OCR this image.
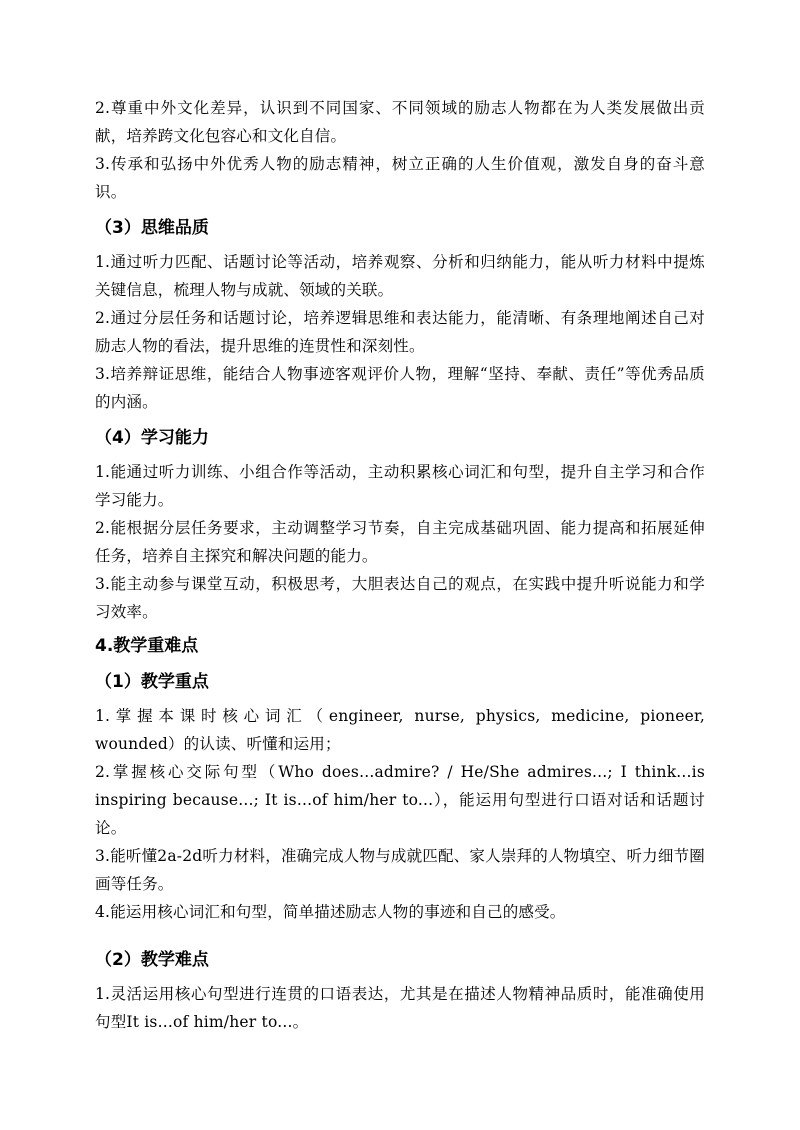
2.尊重中外文化差异，认识到不同国家、不同领域的励志人物都在为人类发展做出贡献，培养跨文化包容心和文化自信。

3.传承和弘扬中外优秀人物的励志精神，树立正确的人生价值观，激发自身的奋斗意识。

（3）思维品质

1.通过听力匹配、话题讨论等活动，培养观察、分析和归纳能力，能从听力材料中提炼关键信息，梳理人物与成就、领域的关联。

2.通过分层任务和话题讨论，培养逻辑思维和表达能力，能清晰、有条理地阐述自己对励志人物的看法，提升思维的连贯性和深刻性。

3.培养辩证思维，能结合人物事迹客观评价人物，理解“坚持、奉献、责任”等优秀品质的内涵。

（4）学习能力

1.能通过听力训练、小组合作等活动，主动积累核心词汇和句型，提升自主学习和合作学习能力。

2.能根据分层任务要求，主动调整学习节奏，自主完成基础巩固、能力提高和拓展延伸任务，培养自主探究和解决问题的能力。

3.能主动参与课堂互动，积极思考，大胆表达自己的观点，在实践中提升听说能力和学习效率。

4.教学重难点
（1）教学重点

1.掌握本课时核心词汇（engineer, nurse, physics, medicine, pioneer, wounded）的认读、听懂和运用；

2.掌握核心交际句型（Who does...admire? / He/She admires...; I think...is inspiring because...; It is...of him/her to...），能运用句型进行口语对话和话题讨论。

3.能听懂2a-2d听力材料，准确完成人物与成就匹配、家人崇拜的人物填空、听力细节圈画等任务。

4.能运用核心词汇和句型，简单描述励志人物的事迹和自己的感受。

（2）教学难点

1.灵活运用核心句型进行连贯的口语表达，尤其是在描述人物精神品质时，能准确使用句型It is...of him/her to...。
